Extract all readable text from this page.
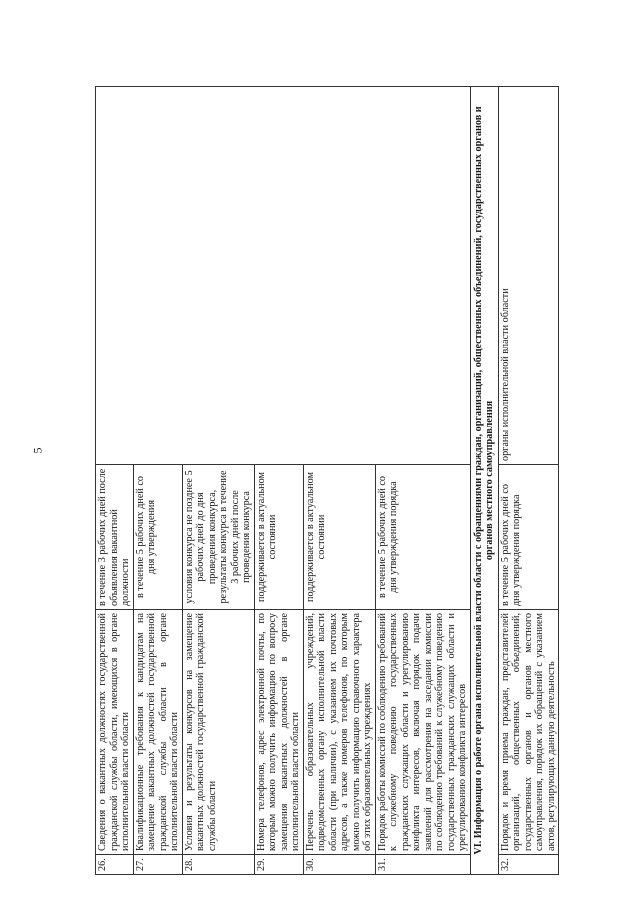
5
26.	Сведения о вакантных должностях государственной гражданской службы области, имеющихся в органе исполнительной власти области	в течение 3 рабочих дней после объявления вакантной должности	
27.	Квалификационные требования к кандидатам на замещение вакантных должностей государственной гражданской службы области в органе исполнительной власти области	в течение 5 рабочих дней со дня утверждения	
28.	Условия и результаты конкурсов на замещение вакантных должностей государственной гражданской службы области	условия конкурса не позднее 5 рабочих дней до дня проведения конкурса, результаты конкурса в течение 3 рабочих дней после проведения конкурса	
29.	Номера телефонов, адрес электронной почты, по которым можно получить информацию по вопросу замещения вакантных должностей в органе исполнительной власти области	поддерживается в актуальном состоянии	
30.	Перечень образовательных учреждений, подведомственных органу исполнительной власти области (при наличии), с указанием их почтовых адресов, а также номеров телефонов, по которым можно получить информацию справочного характера об этих образовательных учреждениях	поддерживается в актуальном состоянии	
31.	Порядок работы комиссий по соблюдению требований к служебному поведению государственных гражданских служащих области и урегулированию конфликта интересов, включая порядок подачи заявлений для рассмотрения на заседании комиссии по соблюдению требований к служебному поведению государственных гражданских служащих области и урегулированию конфликта интересов	в течение 5 рабочих дней со дня утверждения порядка	
VI. Информация о работе органа исполнительной власти области с обращениями граждан, организаций, общественных объединений, государственных органов и органов местного самоуправления			
32.	Порядок и время приема граждан, представителей организаций, общественных объединений, государственных органов и органов местного самоуправления, порядок их обращений с указанием актов, регулирующих данную деятельность	в течение 5 рабочих дней со дня утверждения порядка	органы исполнительной власти области
